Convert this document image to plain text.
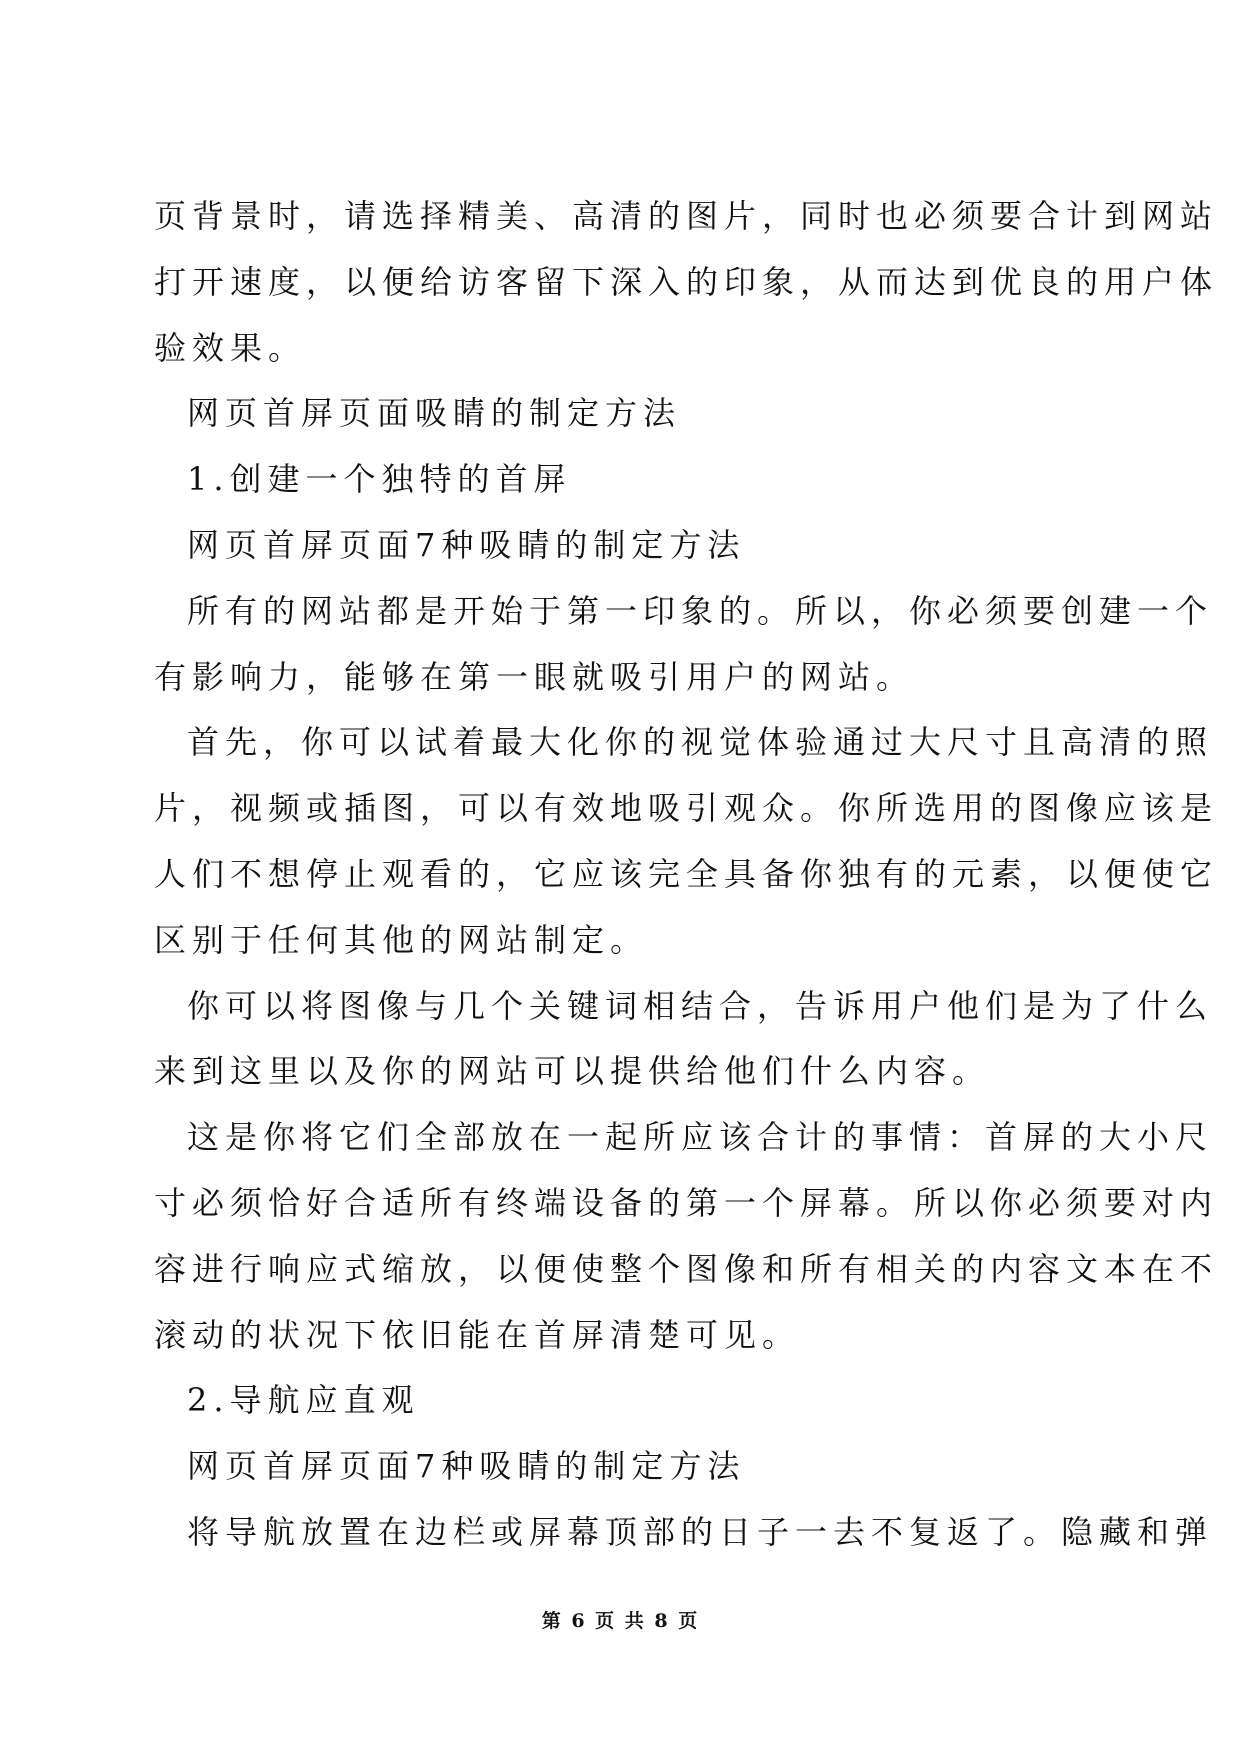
页背景时，请选择精美、高清的图片，同时也必须要合计到网站
打开速度，以便给访客留下深入的印象，从而达到优良的用户体
验效果。
网页首屏页面吸睛的制定方法
1.创建一个独特的首屏
网页首屏页面7种吸睛的制定方法
所有的网站都是开始于第一印象的。所以，你必须要创建一个
有影响力，能够在第一眼就吸引用户的网站。
首先，你可以试着最大化你的视觉体验通过大尺寸且高清的照
片，视频或插图，可以有效地吸引观众。你所选用的图像应该是
人们不想停止观看的，它应该完全具备你独有的元素，以便使它
区别于任何其他的网站制定。
你可以将图像与几个关键词相结合，告诉用户他们是为了什么
来到这里以及你的网站可以提供给他们什么内容。
这是你将它们全部放在一起所应该合计的事情：首屏的大小尺
寸必须恰好合适所有终端设备的第一个屏幕。所以你必须要对内
容进行响应式缩放，以便使整个图像和所有相关的内容文本在不
滚动的状况下依旧能在首屏清楚可见。
2.导航应直观
网页首屏页面7种吸睛的制定方法
将导航放置在边栏或屏幕顶部的日子一去不复返了。隐藏和弹
第 6 页 共 8 页
